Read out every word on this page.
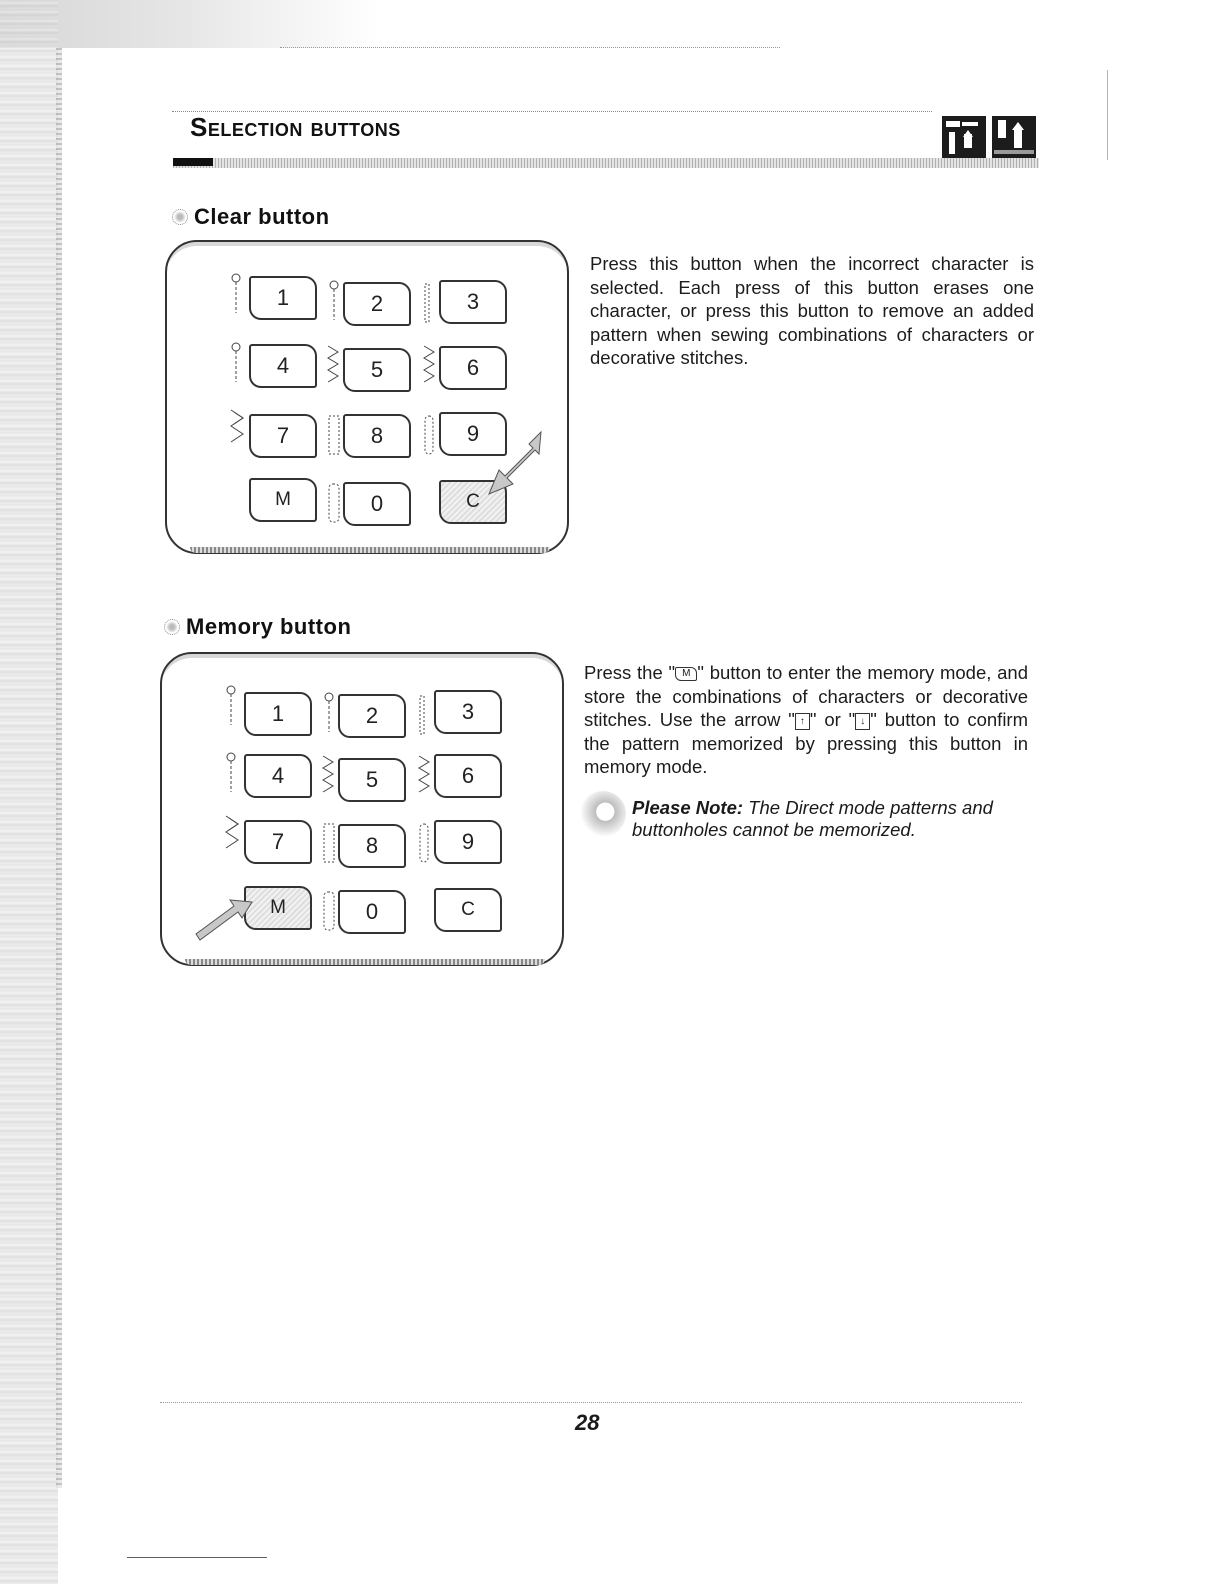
Selection buttons
Clear button
1	2	3
4	5	6
7	8	9
M	0	C
Press this button when the incorrect character is selected. Each press of this button erases one character, or press this button to remove an added pattern when sewing combinations of characters or decorative stitches.
Memory button
1	2	3
4	5	6
7	8	9
M	0	C
Press the " M " button to enter the memory mode, and store the combinations of characters or decorative stitches. Use the arrow " ↑ " or " ↓ " button to confirm the pattern memorized by pressing this button in memory mode.
Please Note: The Direct mode patterns and buttonholes cannot be memorized.
28
